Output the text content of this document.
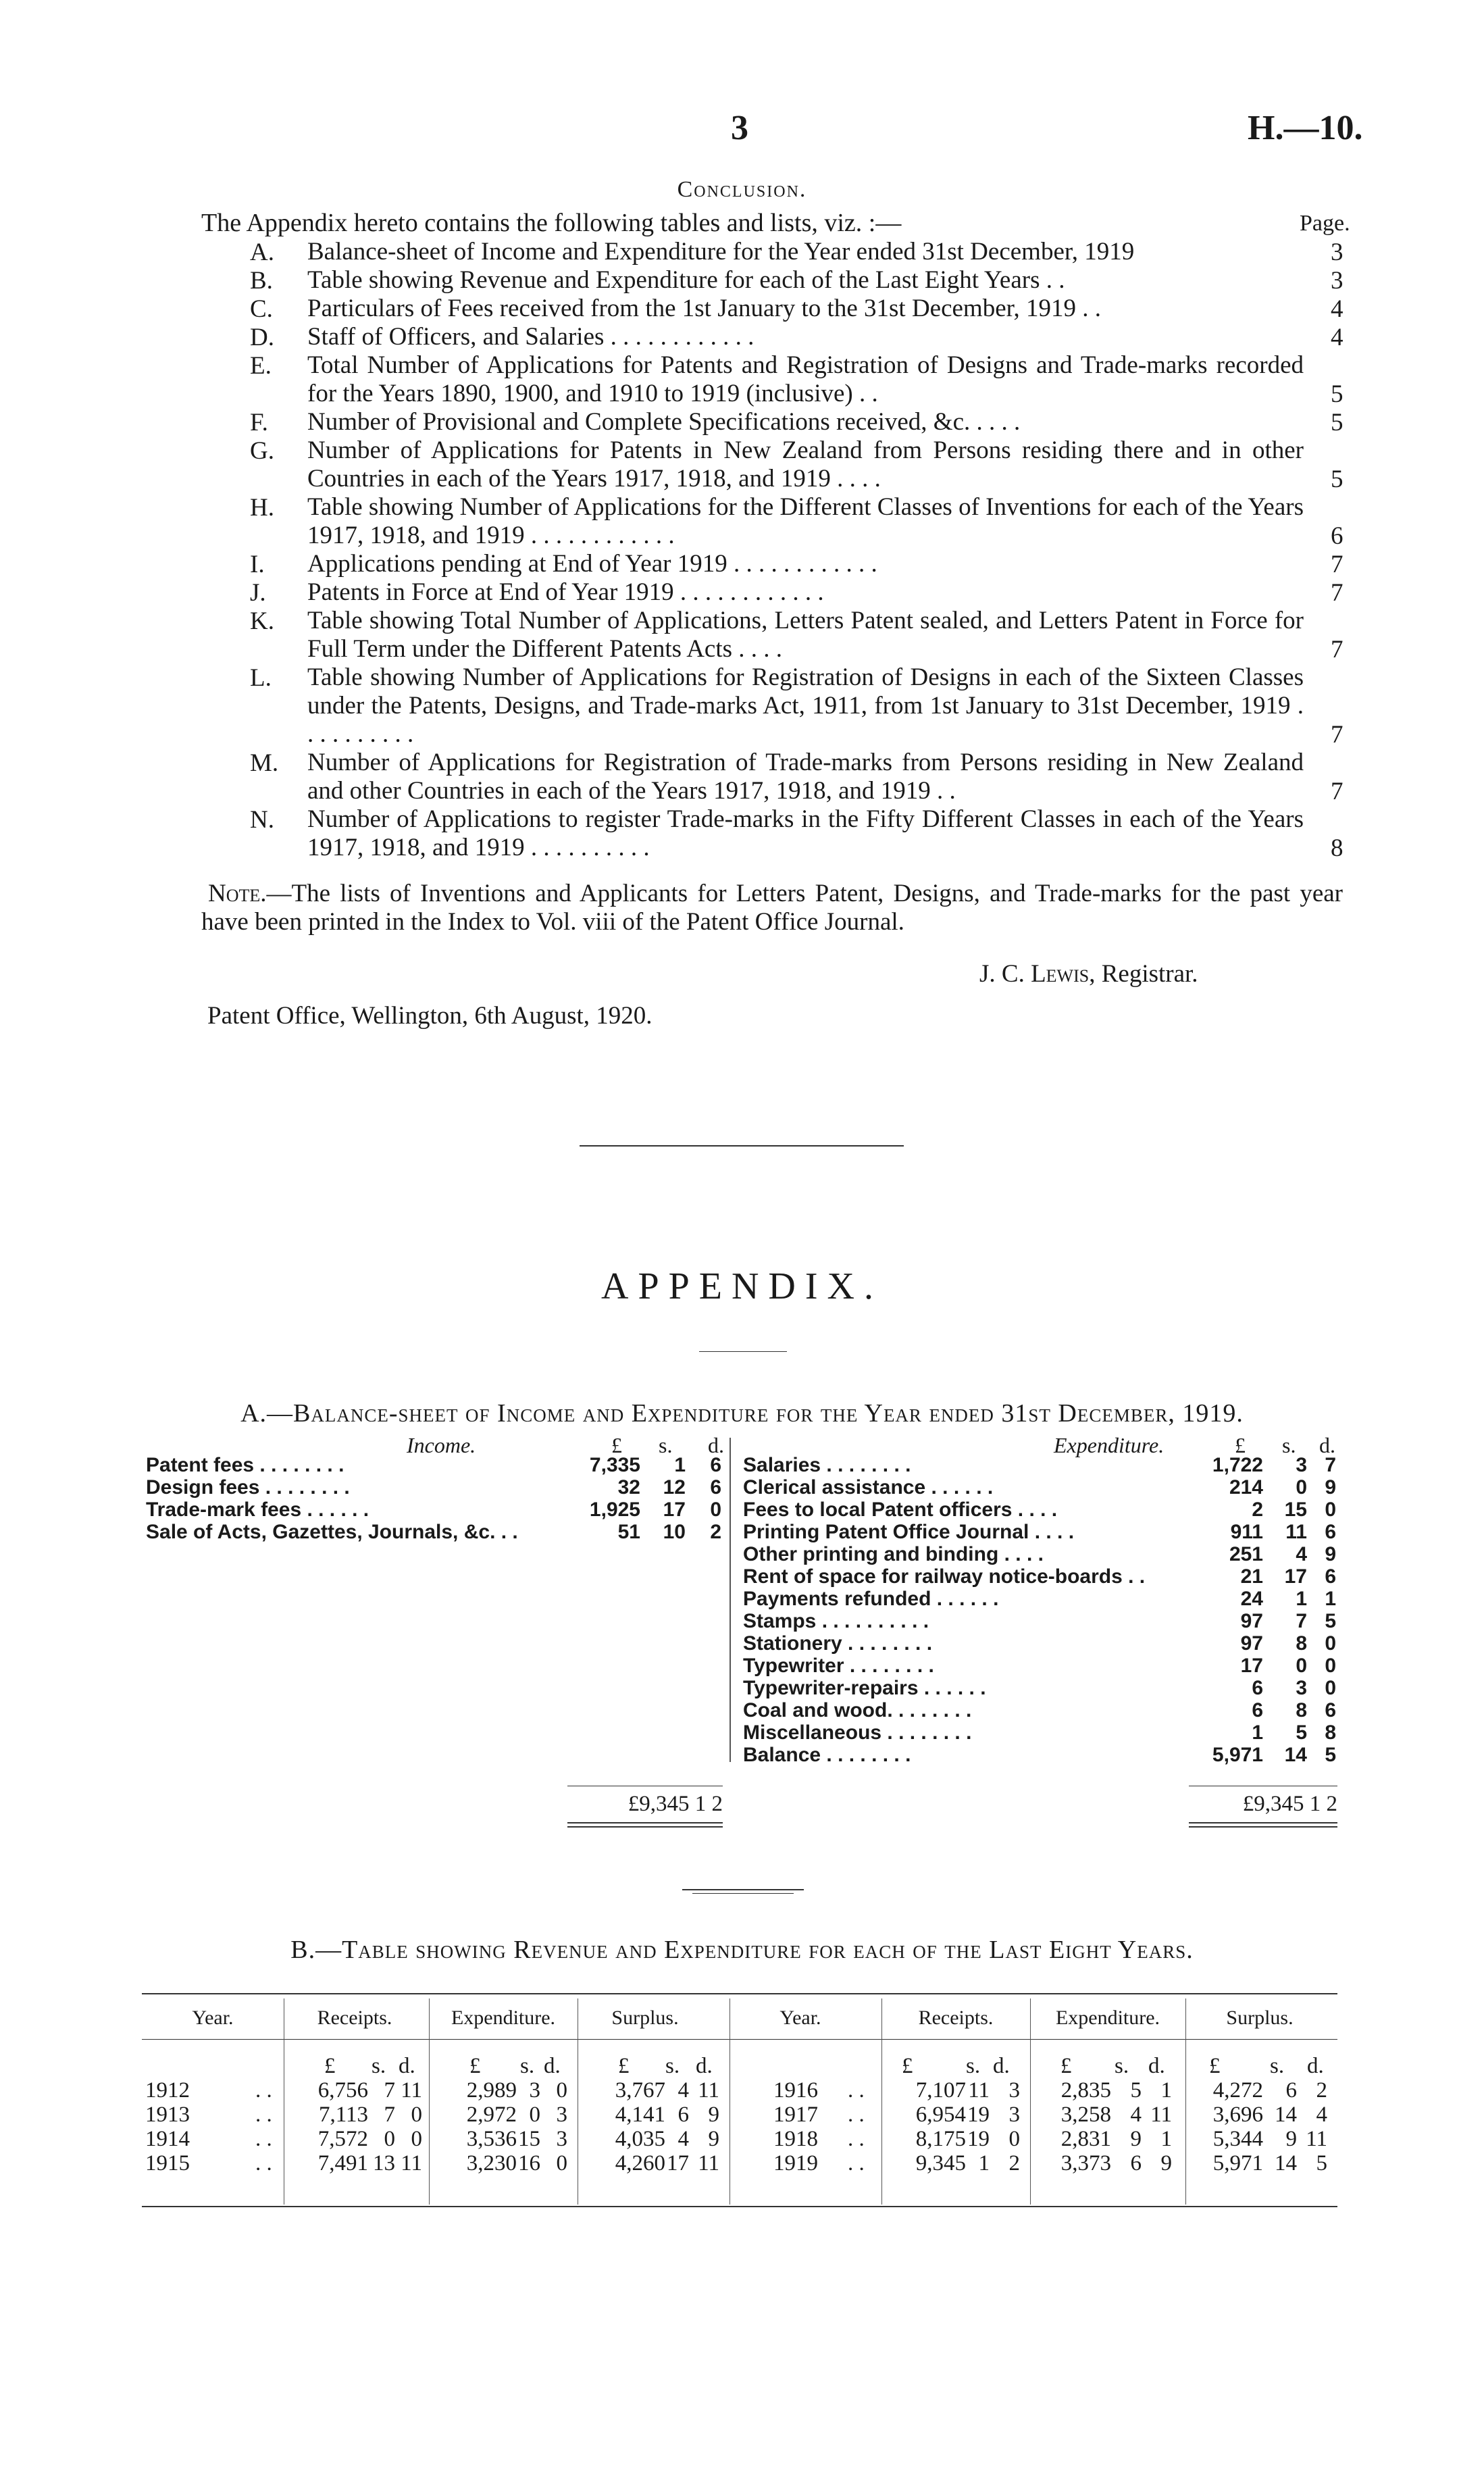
3	H.—10.
Conclusion.
The Appendix hereto contains the following tables and lists, viz. :—	Page.
A.	Balance-sheet of Income and Expenditure for the Year ended 31st December, 1919	3
B.	Table showing Revenue and Expenditure for each of the Last Eight Years . .	3
C.	Particulars of Fees received from the 1st January to the 31st December, 1919 . .	4
D.	Staff of Officers, and Salaries . . . . . . . . . . . .	4
E.	Total Number of Applications for Patents and Registration of Designs and Trade-marks recorded for the Years 1890, 1900, and 1910 to 1919 (inclusive) . .	5
F.	Number of Provisional and Complete Specifications received, &c. . . . .	5
G.	Number of Applications for Patents in New Zealand from Persons residing there and in other Countries in each of the Years 1917, 1918, and 1919 . . . .	5
H.	Table showing Number of Applications for the Different Classes of Inventions for each of the Years 1917, 1918, and 1919 . . . . . . . . . . . .	6
I.	Applications pending at End of Year 1919 . . . . . . . . . . . .	7
J.	Patents in Force at End of Year 1919 . . . . . . . . . . . .	7
K.	Table showing Total Number of Applications, Letters Patent sealed, and Letters Patent in Force for Full Term under the Different Patents Acts . . . .	7
L.	Table showing Number of Applications for Registration of Designs in each of the Sixteen Classes under the Patents, Designs, and Trade-marks Act, 1911, from 1st January to 31st December, 1919 . . . . . . . . . .	7
M.	Number of Applications for Registration of Trade-marks from Persons residing in New Zealand and other Countries in each of the Years 1917, 1918, and 1919 . .	7
N.	Number of Applications to register Trade-marks in the Fifty Different Classes in each of the Years 1917, 1918, and 1919 . . . . . . . . . .	8
Note.—The lists of Inventions and Applicants for Letters Patent, Designs, and Trade-marks for the past year have been printed in the Index to Vol. viii of the Patent Office Journal.
J. C. Lewis, Registrar.
Patent Office, Wellington, 6th August, 1920.
APPENDIX.
A.—Balance-sheet of Income and Expenditure for the Year ended 31st December, 1919.
Income.	£ s. d.	Expenditure.	£ s. d.
Patent fees . . . . . . . .	7,335	1	6
Design fees . . . . . . . .	32	12	6
Trade-mark fees . . . . . .	1,925	17	0
Sale of Acts, Gazettes, Journals, &c. . .	51	10	2
Salaries . . . . . . . .	1,722	3 7
Clerical assistance . . . . . .	214	0 9
Fees to local Patent officers . . . .	2	15 0
Printing Patent Office Journal . . . .	911	11 6
Other printing and binding . . . .	251	4 9
Rent of space for railway notice-boards . .	21	17 6
Payments refunded . . . . . .	24	1 1
Stamps . . . . . . . . . .	97	7 5
Stationery . . . . . . . .	97	8 0
Typewriter . . . . . . . .	17	0 0
Typewriter-repairs . . . . . .	6	3 0
Coal and wood. . . . . . . .	6	8 6
Miscellaneous . . . . . . . .	1	5 8
Balance . . . . . . . .	5,971	14 5
£9,345 1 2	£9,345 1 2
B.—Table showing Revenue and Expenditure for each of the Last Eight Years.
Year.	Receipts.	Expenditure.	Surplus.	Year.	Receipts.	Expenditure.	Surplus.
£ s. d. £ s. d.	£ s. d.	£ s. d. £ s. d. £ s. d.
1912	. .	6,756 7 11	2,989 3 0	3,767 4 11
1913	. .	7,113 7 0	2,972 0 3	4,141 6 9
1914	. .	7,572 0 0	3,536 15 3	4,035 4 9
1915	. .	7,491 13 11	3,230 16 0	4,260 17 11
1916 . .	7,107 11 3	2,835 5 1	4,272	6 2
1917 . .	6,954 19 3	3,258 4 11	3,696 14 4
1918 . .	8,175 19 0	2,831 9 1	5,344	9 11
1919 . .	9,345 1 2	3,373 6 9	5,971 14 5
